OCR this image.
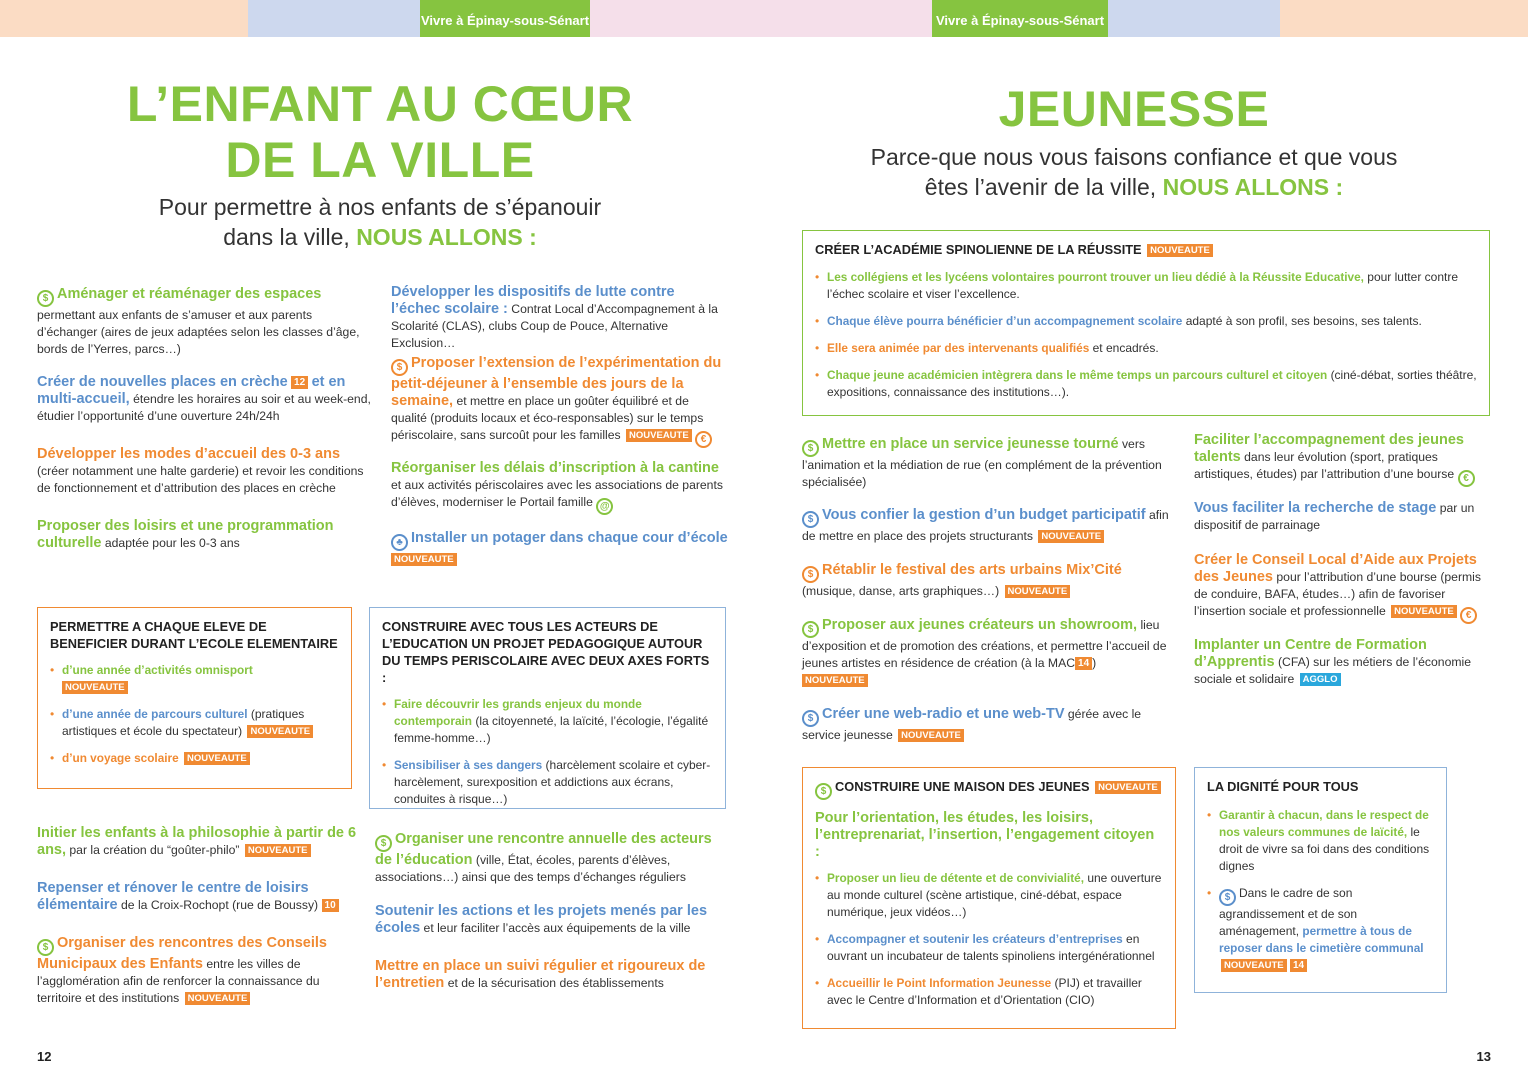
Vivre à Épinay-sous-Sénart	Vivre à Épinay-sous-Sénart
L’ENFANT AU CŒUR
DE LA VILLE
Pour permettre à nos enfants de s’épanouir
dans la ville, NOUS ALLONS :
$ Aménager et réaménager des espaces
permettant aux enfants de s’amuser et aux parents d’échanger (aires de jeux adaptées selon les classes d’âge, bords de l’Yerres, parcs…)
Créer de nouvelles places en crèche 12 et en multi-accueil, étendre les horaires au soir et au week-end, étudier l’opportunité d’une ouverture 24h/24h
Développer les modes d’accueil des 0-3 ans (créer notamment une halte garderie) et revoir les conditions de fonctionnement et d’attribution des places en crèche
Proposer des loisirs et une programmation culturelle adaptée pour les 0-3 ans
Développer les dispositifs de lutte contre l’échec scolaire : Contrat Local d’Accompagnement à la Scolarité (CLAS), clubs Coup de Pouce, Alternative Exclusion…
$ Proposer l’extension de l’expérimentation du petit-déjeuner à l’ensemble des jours de la semaine, et mettre en place un goûter équilibré et de qualité (produits locaux et éco-responsables) sur le temps périscolaire, sans surcoût pour les familles NOUVEAUTE €
Réorganiser les délais d’inscription à la cantine et aux activités périscolaires avec les associations de parents d’élèves, moderniser le Portail famille @
♣ Installer un potager dans chaque cour d’école
NOUVEAUTE
PERMETTRE A CHAQUE ELEVE DE BENEFICIER DURANT L’ECOLE ELEMENTAIRE
• d’une année d’activités omnisport
NOUVEAUTE
• d’une année de parcours culturel (pratiques artistiques et école du spectateur) NOUVEAUTE
• d’un voyage scolaire NOUVEAUTE
CONSTRUIRE AVEC TOUS LES ACTEURS DE L’EDUCATION UN PROJET PEDAGOGIQUE AUTOUR DU TEMPS PERISCOLAIRE AVEC DEUX AXES FORTS :
• Faire découvrir les grands enjeux du monde contemporain (la citoyenneté, la laïcité, l’écologie, l’égalité femme-homme…)
• Sensibiliser à ses dangers (harcèlement scolaire et cyber-harcèlement, surexposition et addictions aux écrans, conduites à risque…)
Initier les enfants à la philosophie à partir de 6 ans, par la création du “goûter-philo” NOUVEAUTE
Repenser et rénover le centre de loisirs élémentaire de la Croix-Rochopt (rue de Boussy) 10
$ Organiser des rencontres des Conseils Municipaux des Enfants entre les villes de l’agglomération afin de renforcer la connaissance du territoire et des institutions NOUVEAUTE
$ Organiser une rencontre annuelle des acteurs de l’éducation (ville, État, écoles, parents d’élèves, associations…) ainsi que des temps d’échanges réguliers
Soutenir les actions et les projets menés par les écoles et leur faciliter l’accès aux équipements de la ville
Mettre en place un suivi régulier et rigoureux de l’entretien et de la sécurisation des établissements
12
JEUNESSE
Parce-que nous vous faisons confiance et que vous
êtes l’avenir de la ville, NOUS ALLONS :
CRÉER L’ACADÉMIE SPINOLIENNE DE LA RÉUSSITE NOUVEAUTE
• Les collégiens et les lycéens volontaires pourront trouver un lieu dédié à la Réussite Educative, pour lutter contre l’échec scolaire et viser l’excellence.
• Chaque élève pourra bénéficier d’un accompagnement scolaire adapté à son profil, ses besoins, ses talents.
• Elle sera animée par des intervenants qualifiés et encadrés.
• Chaque jeune académicien intègrera dans le même temps un parcours culturel et citoyen (ciné-débat, sorties théâtre, expositions, connaissance des institutions…).
$ Mettre en place un service jeunesse tourné vers l’animation et la médiation de rue (en complément de la prévention spécialisée)
$ Vous confier la gestion d’un budget participatif afin de mettre en place des projets structurants NOUVEAUTE
$ Rétablir le festival des arts urbains Mix’Cité (musique, danse, arts graphiques…) NOUVEAUTE
$ Proposer aux jeunes créateurs un showroom, lieu d’exposition et de promotion des créations, et permettre l’accueil de jeunes artistes en résidence de création (à la MAC 14 )
NOUVEAUTE
$ Créer une web-radio et une web-TV gérée avec le service jeunesse NOUVEAUTE
Faciliter l’accompagnement des jeunes talents dans leur évolution (sport, pratiques artistiques, études) par l’attribution d’une bourse €
Vous faciliter la recherche de stage par un dispositif de parrainage
Créer le Conseil Local d’Aide aux Projets des Jeunes pour l’attribution d’une bourse (permis de conduire, BAFA, études…) afin de favoriser l’insertion sociale et professionnelle NOUVEAUTE €
Implanter un Centre de Formation d’Apprentis (CFA) sur les métiers de l’économie sociale et solidaire AGGLO
$ CONSTRUIRE UNE MAISON DES JEUNES NOUVEAUTE
Pour l’orientation, les études, les loisirs, l’entreprenariat, l’insertion, l’engagement citoyen :
• Proposer un lieu de détente et de convivialité, une ouverture au monde culturel (scène artistique, ciné-débat, espace numérique, jeux vidéos…)
• Accompagner et soutenir les créateurs d’entreprises en ouvrant un incubateur de talents spinoliens intergénérationnel
• Accueillir le Point Information Jeunesse (PIJ) et travailler avec le Centre d’Information et d’Orientation (CIO)
LA DIGNITÉ POUR TOUS
• Garantir à chacun, dans le respect de nos valeurs communes de laïcité, le droit de vivre sa foi dans des conditions dignes
• $ Dans le cadre de son agrandissement et de son aménagement, permettre à tous de reposer dans le cimetière communal NOUVEAUTE 14
13
